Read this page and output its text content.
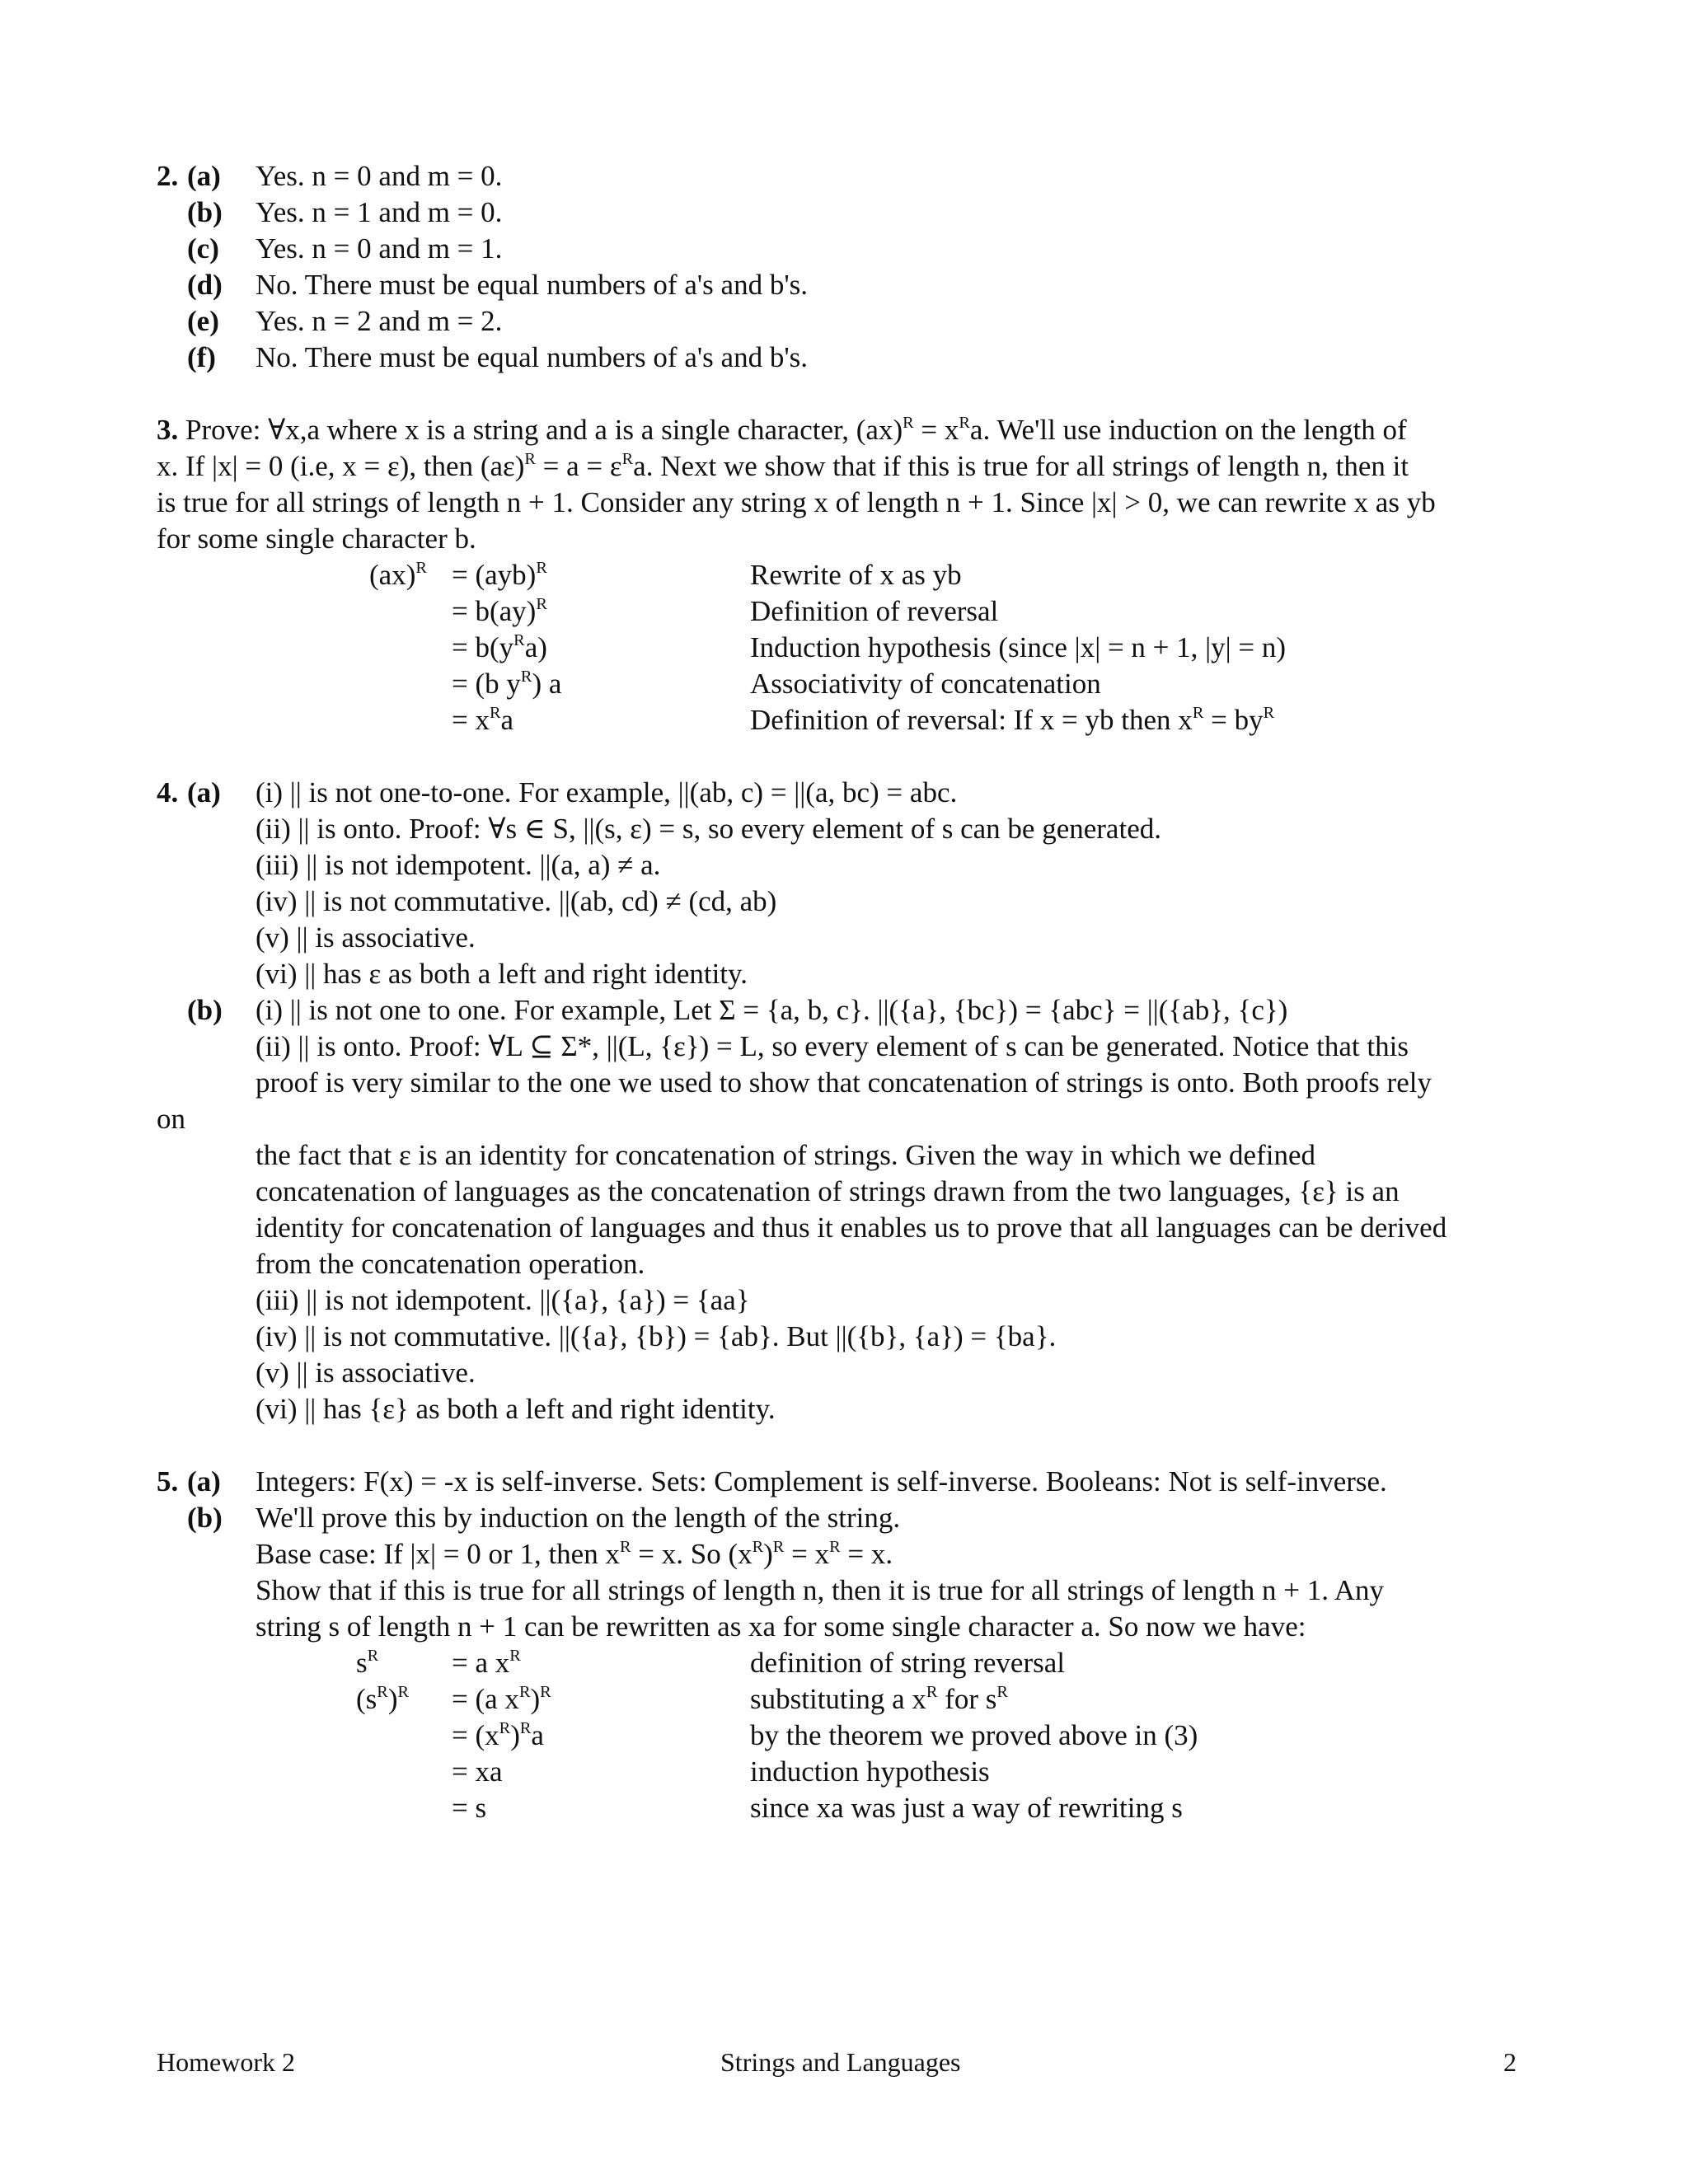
2. (a) Yes. n = 0 and m = 0.
(b) Yes. n = 1 and m = 0.
(c) Yes. n = 0 and m = 1.
(d) No. There must be equal numbers of a's and b's.
(e) Yes. n = 2 and m = 2.
(f) No. There must be equal numbers of a's and b's.
3. Prove: ∀x,a where x is a string and a is a single character, $(ax)^R = x^Ra$. We'll use induction on the length of
x. If |x| = 0 (i.e, x = ε), then $(a\varepsilon)^R = a = \varepsilon^Ra$. Next we show that if this is true for all strings of length n, then it
is true for all strings of length n + 1. Consider any string x of length n + 1. Since |x| > 0, we can rewrite x as yb
for some single character b.
(ax)$^R$ = (ayb)$^R$	Rewrite of x as yb
= b(ay)$^R$	Definition of reversal
= $b(y^Ra)$	Induction hypothesis (since |x| = n + 1, |y| = n)
= (b $y^R$) a	Associativity of concatenation
= $x^Ra$	Definition of reversal: If x = yb then $x^R = by^R$
4. (a) (i) || is not one-to-one. For example, ||(ab, c) = ||(a, bc) = abc.
(ii) || is onto. Proof: ∀s ∈ S, ||(s, ε) = s, so every element of s can be generated.
(iii) || is not idempotent. ||(a, a) ≠ a.
(iv) || is not commutative. ||(ab, cd) ≠ (cd, ab)
(v) || is associative.
(vi) || has ε as both a left and right identity.
(b) (i) || is not one to one. For example, Let Σ = {a, b, c}. ||({a}, {bc}) = {abc} = ||({ab}, {c})
(ii) || is onto. Proof: ∀L ⊆ Σ*, ||(L, {ε}) = L, so every element of s can be generated. Notice that this
proof is very similar to the one we used to show that concatenation of strings is onto. Both proofs rely
on
the fact that ε is an identity for concatenation of strings. Given the way in which we defined
concatenation of languages as the concatenation of strings drawn from the two languages, {ε} is an
identity for concatenation of languages and thus it enables us to prove that all languages can be derived
from the concatenation operation.
(iii) || is not idempotent. ||({a}, {a}) = {aa}
(iv) || is not commutative. ||({a}, {b}) = {ab}. But ||({b}, {a}) = {ba}.
(v) || is associative.
(vi) || has {ε} as both a left and right identity.
5. (a) Integers: F(x) = -x is self-inverse. Sets: Complement is self-inverse. Booleans: Not is self-inverse.
(b) We'll prove this by induction on the length of the string.
Base case: If |x| = 0 or 1, then $x^R = x$. So $(x^R)^R = x^R = x$.
Show that if this is true for all strings of length n, then it is true for all strings of length n + 1. Any
string s of length n + 1 can be rewritten as xa for some single character a. So now we have:
$s^R$	= a $x^R$	definition of string reversal
$(s^R)^R = (a$ $x^R)^R$	substituting a $x^R$ for $s^R$
= $(x^R)^Ra$	by the theorem we proved above in (3)
= xa	induction hypothesis
= s	since xa was just a way of rewriting s
Homework 2	Strings and Languages	2
